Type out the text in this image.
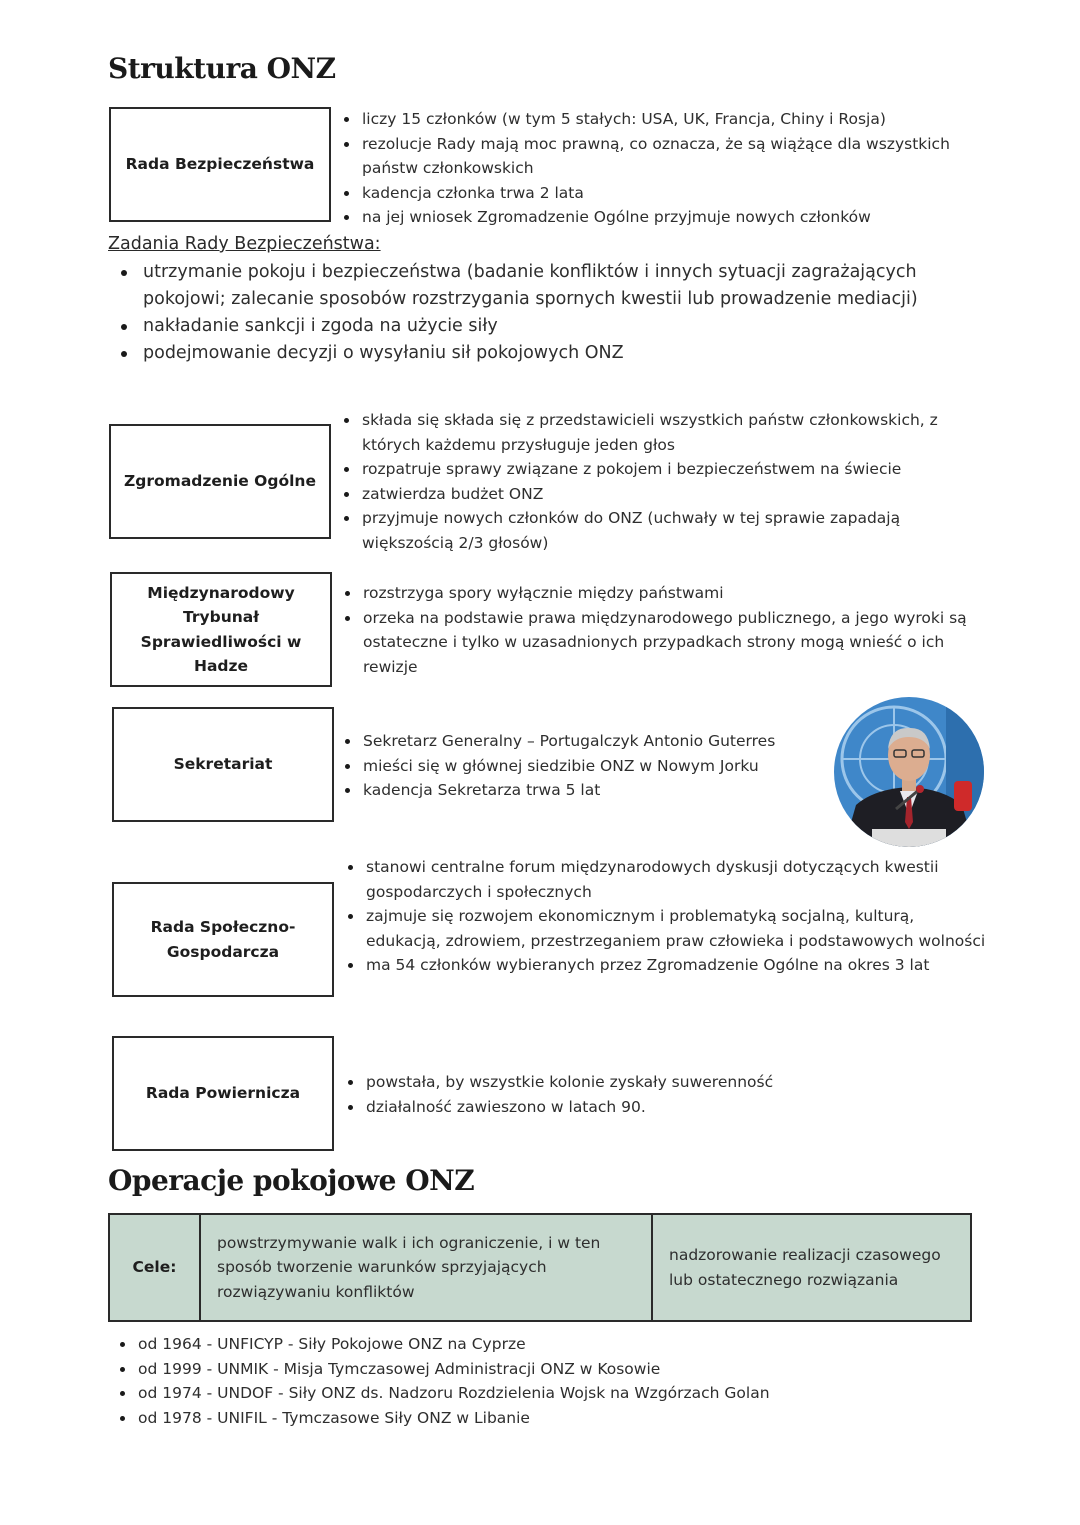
Struktura ONZ
Rada Bezpieczeństwa
liczy 15 członków (w tym 5 stałych: USA, UK, Francja, Chiny i Rosja)
rezolucje Rady mają moc prawną, co oznacza, że są wiążące dla wszystkich państw członkowskich
kadencja członka trwa 2 lata
na jej wniosek Zgromadzenie Ogólne przyjmuje nowych członków
Zadania Rady Bezpieczeństwa:
utrzymanie pokoju i bezpieczeństwa (badanie konfliktów i innych sytuacji zagrażających pokojowi; zalecanie sposobów rozstrzygania spornych kwestii lub prowadzenie mediacji)
nakładanie sankcji i zgoda na użycie siły
podejmowanie decyzji o wysyłaniu sił pokojowych ONZ
Zgromadzenie Ogólne
składa się składa się z przedstawicieli wszystkich państw członkowskich, z których każdemu przysługuje jeden głos
rozpatruje sprawy związane z pokojem i bezpieczeństwem na świecie
zatwierdza budżet ONZ
przyjmuje nowych członków do ONZ (uchwały w tej sprawie zapadają większością 2/3 głosów)
Międzynarodowy Trybunał Sprawiedliwości w Hadze
rozstrzyga spory wyłącznie między państwami
orzeka na podstawie prawa międzynarodowego publicznego, a jego wyroki są ostateczne i tylko w uzasadnionych przypadkach strony mogą wnieść o ich rewizje
Sekretariat
Sekretarz Generalny – Portugalczyk Antonio Guterres
mieści się w głównej siedzibie ONZ w Nowym Jorku
kadencja Sekretarza trwa 5 lat
Rada Społeczno-Gospodarcza
stanowi centralne forum międzynarodowych dyskusji dotyczących kwestii gospodarczych i społecznych
zajmuje się rozwojem ekonomicznym i problematyką socjalną, kulturą, edukacją, zdrowiem, przestrzeganiem praw człowieka i podstawowych wolności
ma 54 członków wybieranych przez Zgromadzenie Ogólne na okres 3 lat
Rada Powiernicza
powstała, by wszystkie kolonie zyskały suwerenność
działalność zawieszono w latach 90.
Operacje pokojowe ONZ
Cele:	powstrzymywanie walk i ich ograniczenie, i w ten sposób tworzenie warunków sprzyjających rozwiązywaniu konfliktów	nadzorowanie realizacji czasowego lub ostatecznego rozwiązania
od 1964 - UNFICYP - Siły Pokojowe ONZ na Cyprze
od 1999 - UNMIK - Misja Tymczasowej Administracji ONZ w Kosowie
od 1974 - UNDOF - Siły ONZ ds. Nadzoru Rozdzielenia Wojsk na Wzgórzach Golan
od 1978 - UNIFIL - Tymczasowe Siły ONZ w Libanie
